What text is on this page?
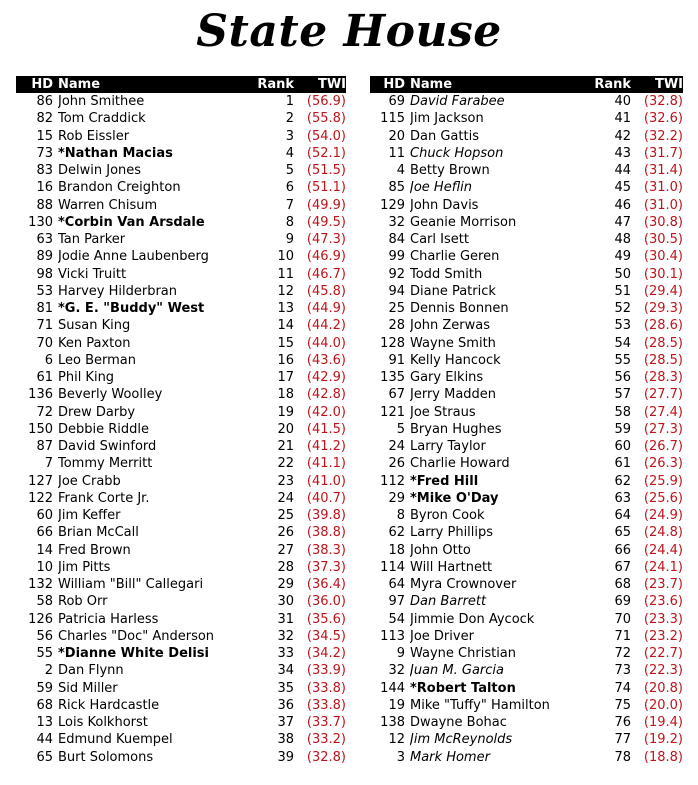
State House
HD	Name	Rank	TWI
86	John Smithee	1	(56.9)
82	Tom Craddick	2	(55.8)
15	Rob Eissler	3	(54.0)
73	*Nathan Macias	4	(52.1)
83	Delwin Jones	5	(51.5)
16	Brandon Creighton	6	(51.1)
88	Warren Chisum	7	(49.9)
130	*Corbin Van Arsdale	8	(49.5)
63	Tan Parker	9	(47.3)
89	Jodie Anne Laubenberg	10	(46.9)
98	Vicki Truitt	11	(46.7)
53	Harvey Hilderbran	12	(45.8)
81	*G. E. "Buddy" West	13	(44.9)
71	Susan King	14	(44.2)
70	Ken Paxton	15	(44.0)
6	Leo Berman	16	(43.6)
61	Phil King	17	(42.9)
136	Beverly Woolley	18	(42.8)
72	Drew Darby	19	(42.0)
150	Debbie Riddle	20	(41.5)
87	David Swinford	21	(41.2)
7	Tommy Merritt	22	(41.1)
127	Joe Crabb	23	(41.0)
122	Frank Corte Jr.	24	(40.7)
60	Jim Keffer	25	(39.8)
66	Brian McCall	26	(38.8)
14	Fred Brown	27	(38.3)
10	Jim Pitts	28	(37.3)
132	William "Bill" Callegari	29	(36.4)
58	Rob Orr	30	(36.0)
126	Patricia Harless	31	(35.6)
56	Charles "Doc" Anderson	32	(34.5)
55	*Dianne White Delisi	33	(34.2)
2	Dan Flynn	34	(33.9)
59	Sid Miller	35	(33.8)
68	Rick Hardcastle	36	(33.8)
13	Lois Kolkhorst	37	(33.7)
44	Edmund Kuempel	38	(33.2)
65	Burt Solomons	39	(32.8)
HD	Name	Rank	TWI
69	David Farabee	40	(32.8)
115	Jim Jackson	41	(32.6)
20	Dan Gattis	42	(32.2)
11	Chuck Hopson	43	(31.7)
4	Betty Brown	44	(31.4)
85	Joe Heflin	45	(31.0)
129	John Davis	46	(31.0)
32	Geanie Morrison	47	(30.8)
84	Carl Isett	48	(30.5)
99	Charlie Geren	49	(30.4)
92	Todd Smith	50	(30.1)
94	Diane Patrick	51	(29.4)
25	Dennis Bonnen	52	(29.3)
28	John Zerwas	53	(28.6)
128	Wayne Smith	54	(28.5)
91	Kelly Hancock	55	(28.5)
135	Gary Elkins	56	(28.3)
67	Jerry Madden	57	(27.7)
121	Joe Straus	58	(27.4)
5	Bryan Hughes	59	(27.3)
24	Larry Taylor	60	(26.7)
26	Charlie Howard	61	(26.3)
112	*Fred Hill	62	(25.9)
29	*Mike O'Day	63	(25.6)
8	Byron Cook	64	(24.9)
62	Larry Phillips	65	(24.8)
18	John Otto	66	(24.4)
114	Will Hartnett	67	(24.1)
64	Myra Crownover	68	(23.7)
97	Dan Barrett	69	(23.6)
54	Jimmie Don Aycock	70	(23.3)
113	Joe Driver	71	(23.2)
9	Wayne Christian	72	(22.7)
32	Juan M. Garcia	73	(22.3)
144	*Robert Talton	74	(20.8)
19	Mike "Tuffy" Hamilton	75	(20.0)
138	Dwayne Bohac	76	(19.4)
12	Jim McReynolds	77	(19.2)
3	Mark Homer	78	(18.8)
